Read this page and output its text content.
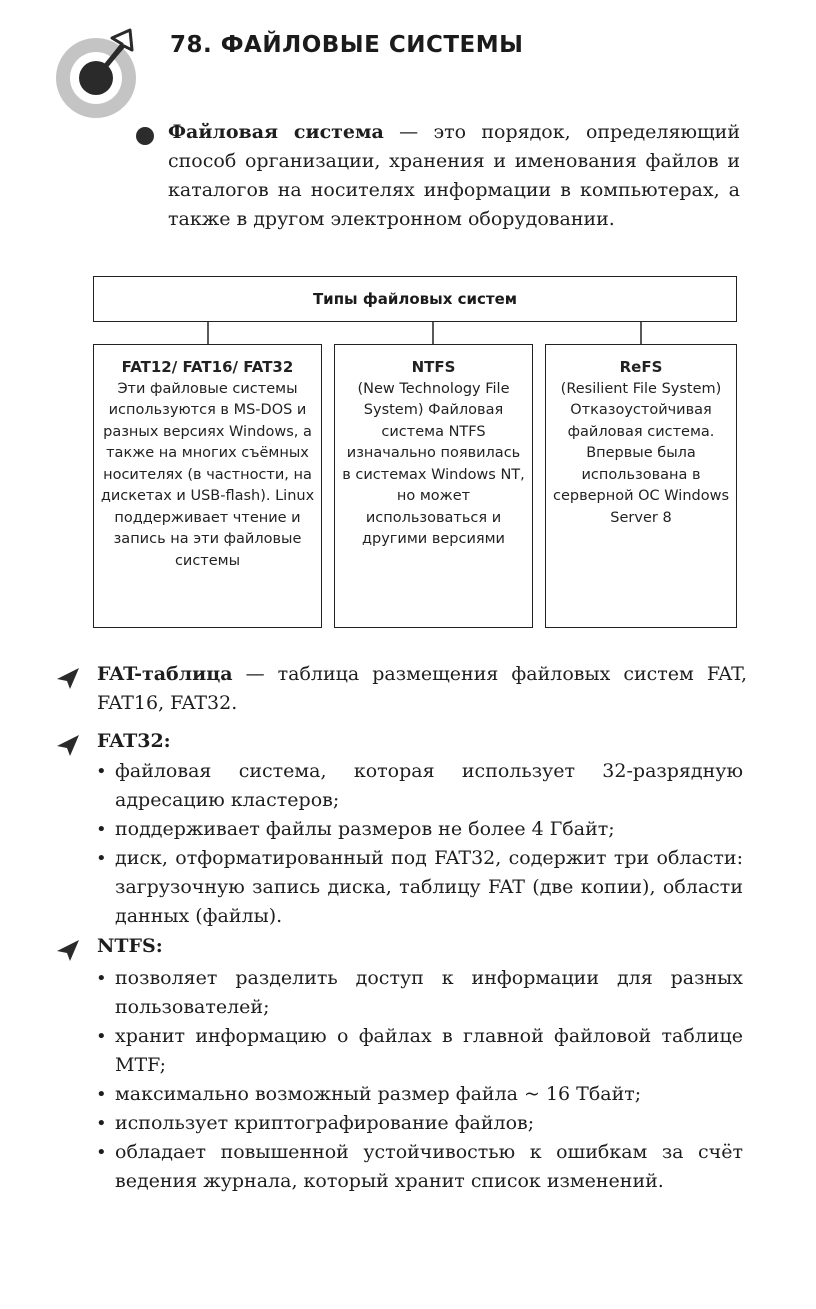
78. ФАЙЛОВЫЕ СИСТЕМЫ

Файловая система — это порядок, определяющий способ организации, хранения и именования файлов и каталогов на носителях информации в компьютерах, а также в другом электронном оборудовании.

Типы файловых систем
FAT12/ FAT16/ FAT32
Эти файловые системы используются в MS-DOS и разных версиях Windows, а также на многих съёмных носителях (в частности, на дискетах и USB-flash). Linux поддерживает чтение и запись на эти файловые системы
NTFS
(New Technology File System) Файловая система NTFS изначально появилась в системах Windows NT, но может использоваться и другими версиями
ReFS
(Resilient File System) Отказоустойчивая файловая система. Впервые была использована в серверной ОС Windows Server 8

FAT-таблица — таблица размещения файловых систем FAT, FAT16, FAT32.

FAT32:

• файловая система, которая использует 32-разрядную адресацию кластеров;
• поддерживает файлы размеров не более 4 Гбайт;
• диск, отформатированный под FAT32, содержит три области: загрузочную запись диска, таблицу FAT (две копии), области данных (файлы).

NTFS:

• позволяет разделить доступ к информации для разных пользователей;
• хранит информацию о файлах в главной файловой таблице MTF;
• максимально возможный размер файла ~ 16 Тбайт;
• использует криптографирование файлов;
• обладает повышенной устойчивостью к ошибкам за счёт ведения журнала, который хранит список изменений.
